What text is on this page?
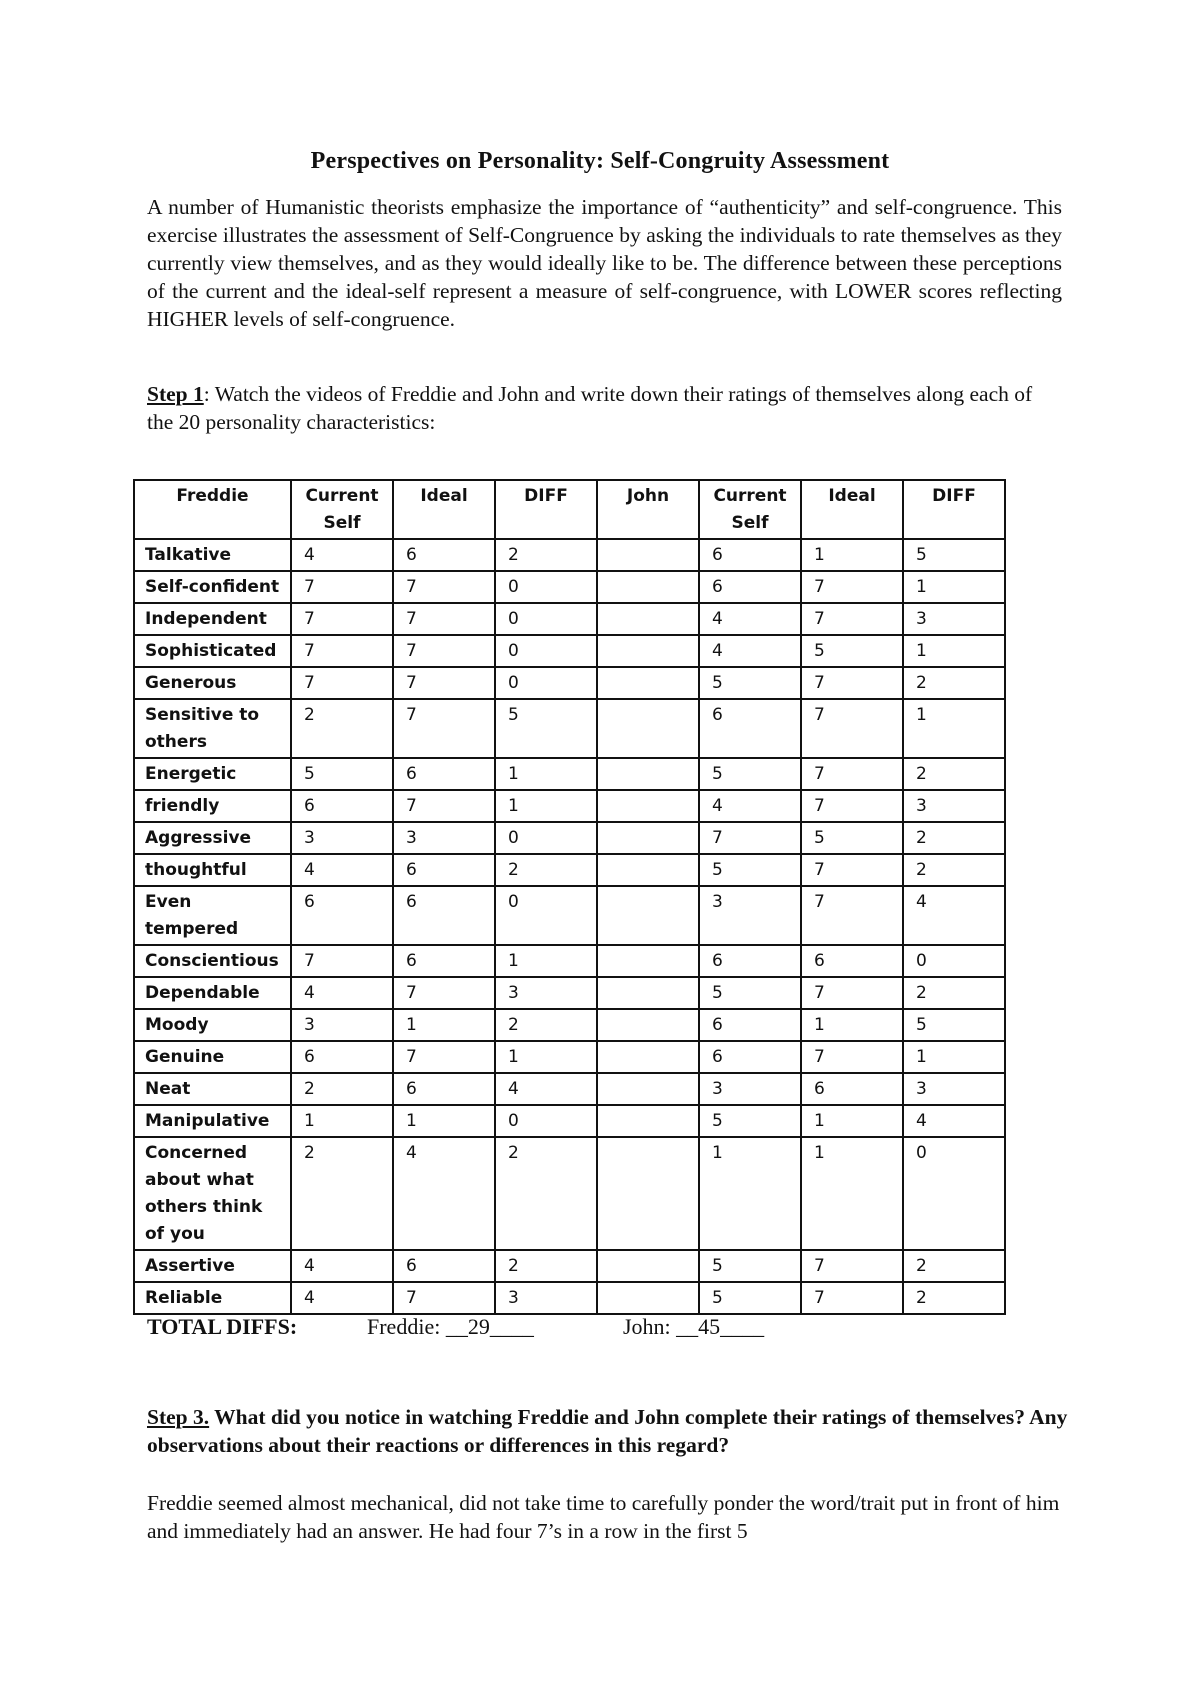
Perspectives on Personality: Self-Congruity Assessment

A number of Humanistic theorists emphasize the importance of “authenticity” and self-congruence. This exercise illustrates the assessment of Self-Congruence by asking the individuals to rate themselves as they currently view themselves, and as they would ideally like to be. The difference between these perceptions of the current and the ideal-self represent a measure of self-congruence, with LOWER scores reflecting HIGHER levels of self-congruence.

Step 1: Watch the videos of Freddie and John and write down their ratings of themselves along each of the 20 personality characteristics:

Freddie	Current Self	Ideal	DIFF	John	Current Self	Ideal	DIFF
Talkative	4	6	2		6	1	5
Self-confident	7	7	0		6	7	1
Independent	7	7	0		4	7	3
Sophisticated	7	7	0		4	5	1
Generous	7	7	0		5	7	2
Sensitive to others	2	7	5		6	7	1
Energetic	5	6	1		5	7	2
friendly	6	7	1		4	7	3
Aggressive	3	3	0		7	5	2
thoughtful	4	6	2		5	7	2
Even tempered	6	6	0		3	7	4
Conscientious	7	6	1		6	6	0
Dependable	4	7	3		5	7	2
Moody	3	1	2		6	1	5
Genuine	6	7	1		6	7	1
Neat	2	6	4		3	6	3
Manipulative	1	1	0		5	1	4
Concerned about what others think of you	2	4	2		1	1	0
Assertive	4	6	2		5	7	2
Reliable	4	7	3		5	7	2
TOTAL DIFFS:	Freddie: __29____	John: __45____

Step 3. What did you notice in watching Freddie and John complete their ratings of themselves? Any observations about their reactions or differences in this regard?

Freddie seemed almost mechanical, did not take time to carefully ponder the word/trait put in front of him and immediately had an answer. He had four 7’s in a row in the first 5
